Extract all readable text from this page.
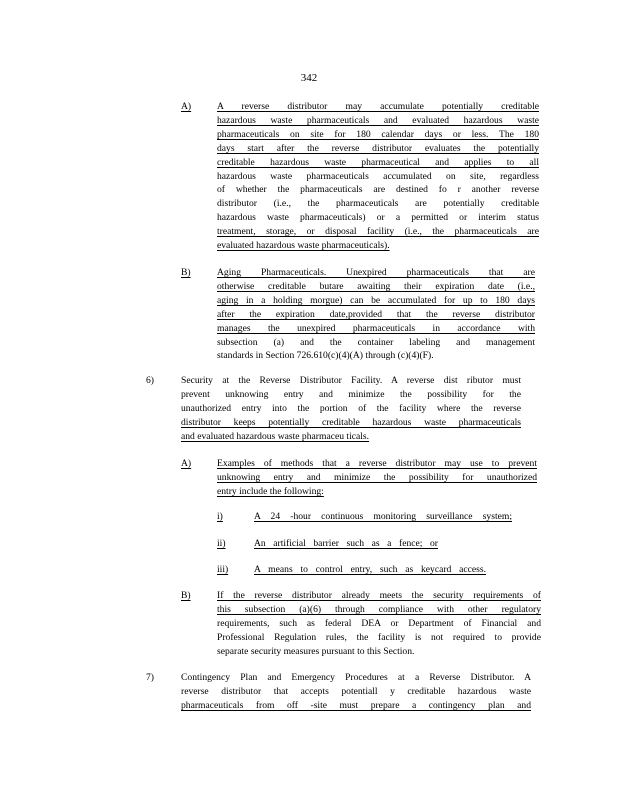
342
A)	A reverse distributor may accumulate potentially creditable
hazardous waste pharmaceuticals and evaluated hazardous waste
pharmaceuticals on site for 180 calendar days or less. The 180
days start after the reverse distributor evaluates the potentially
creditable hazardous waste pharmaceutical and applies to all
hazardous waste pharmaceuticals accumulated on site, regardless
of whether the pharmaceuticals are destined fo r another reverse
distributor (i.e., the pharmaceuticals are potentially creditable
hazardous waste pharmaceuticals) or a permitted or interim status
treatment, storage, or disposal facility (i.e., the pharmaceuticals are
evaluated hazardous waste pharmaceuticals).
B)	Aging Pharmaceuticals. Unexpired pharmaceuticals that are
otherwise creditable butare awaiting their expiration date (i.e.,
aging in a holding morgue) can be accumulated for up to 180 days
after the expiration date,provided that the reverse distributor
manages the unexpired pharmaceuticals in accordance with
subsection (a) and the container labeling and management
standards in Section 726.610(c)(4)(A) through (c)(4)(F).
6)	Security at the Reverse Distributor Facility. A reverse dist ributor must
prevent unknowing entry and minimize the possibility for the
unauthorized entry into the portion of the facility where the reverse
distributor keeps potentially creditable hazardous waste pharmaceuticals
and evaluated hazardous waste pharmaceu ticals.
A)	Examples of methods that a reverse distributor may use to prevent
unknowing entry and minimize the possibility for unauthorized
entry include the following:
i)	A 24 -hour continuous monitoring surveillance system;
ii)	An artificial barrier such as a fence; or
iii)	A means to control entry, such as keycard access.
B)	If the reverse distributor already meets the security requirements of
this subsection (a)(6) through compliance with other regulatory
requirements, such as federal DEA or Department of Financial and
Professional Regulation rules, the facility is not required to provide
separate security measures pursuant to this Section.
7)	Contingency Plan and Emergency Procedures at a Reverse Distributor. A
reverse distributor that accepts potentiall y creditable hazardous waste
pharmaceuticals from off -site must prepare a contingency plan and
